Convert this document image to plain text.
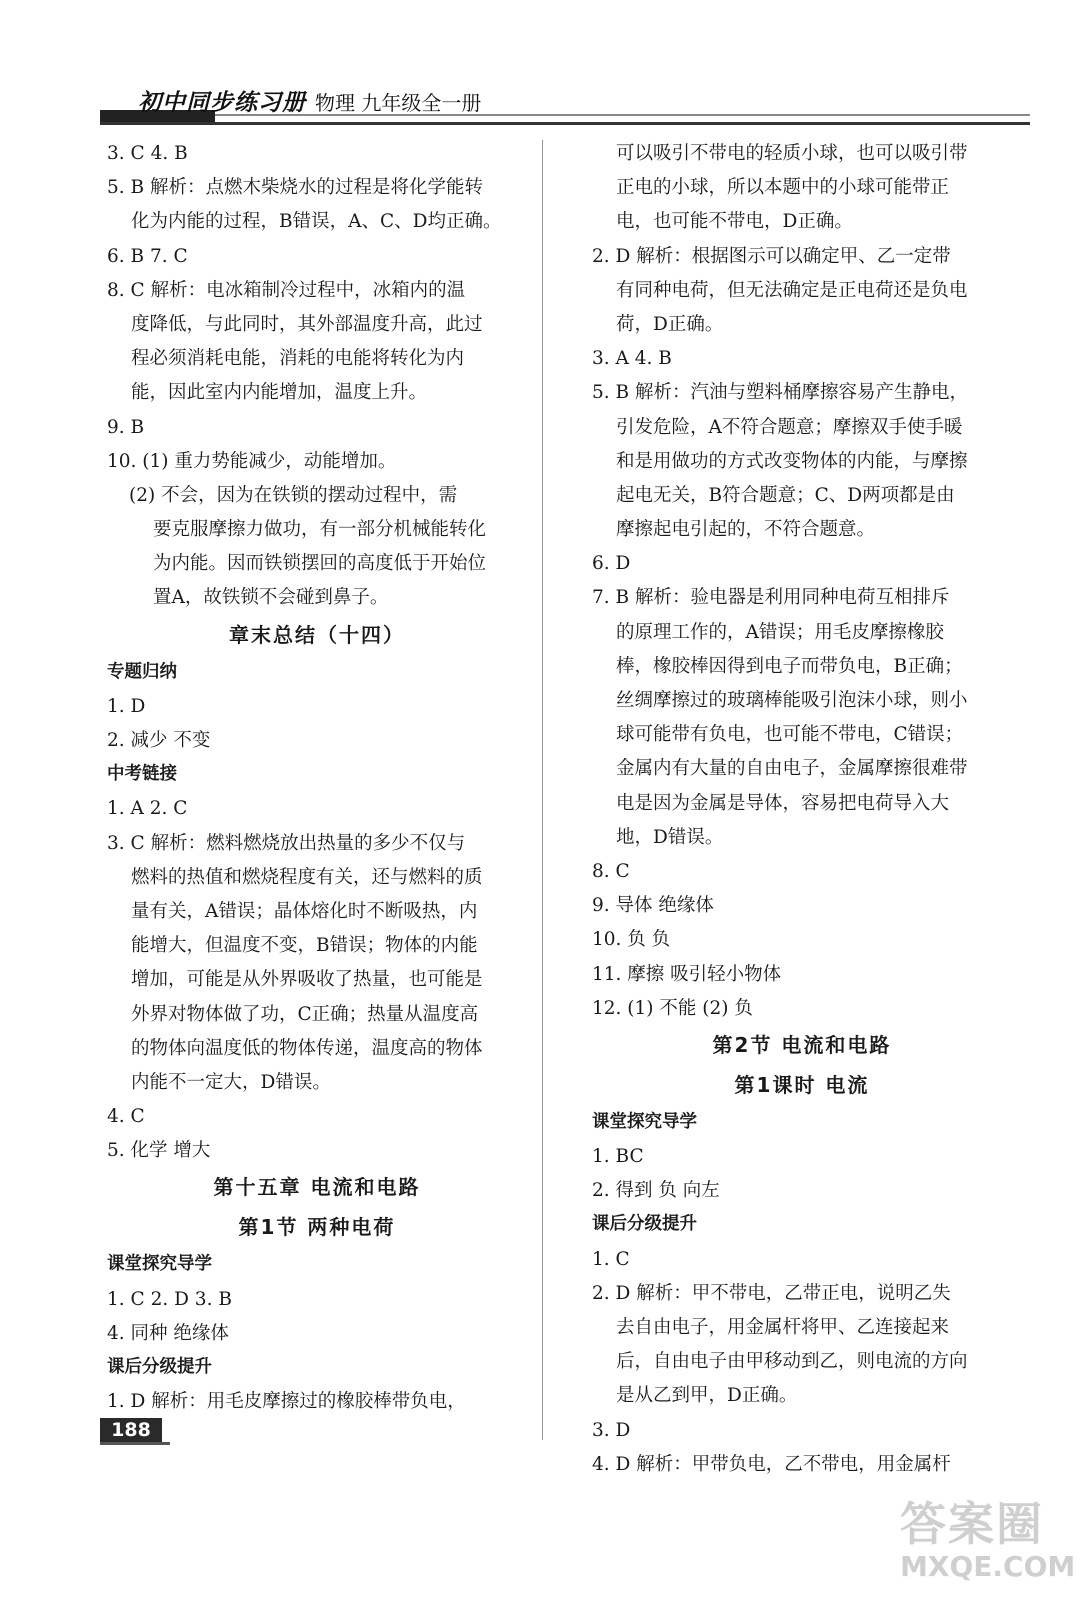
初中同步练习册 物理 九年级全一册
3. C 4. B
5. B 解析：点燃木柴烧水的过程是将化学能转
化为内能的过程，B错误，A、C、D均正确。
6. B 7. C
8. C 解析：电冰箱制冷过程中，冰箱内的温
度降低，与此同时，其外部温度升高，此过
程必须消耗电能，消耗的电能将转化为内
能，因此室内内能增加，温度上升。
9. B
10. (1) 重力势能减少，动能增加。
(2) 不会，因为在铁锁的摆动过程中，需
要克服摩擦力做功，有一部分机械能转化
为内能。因而铁锁摆回的高度低于开始位
置A，故铁锁不会碰到鼻子。
章末总结（十四）
专题归纳
1. D
2. 减少 不变
中考链接
1. A 2. C
3. C 解析：燃料燃烧放出热量的多少不仅与
燃料的热值和燃烧程度有关，还与燃料的质
量有关，A错误；晶体熔化时不断吸热，内
能增大，但温度不变，B错误；物体的内能
增加，可能是从外界吸收了热量，也可能是
外界对物体做了功，C正确；热量从温度高
的物体向温度低的物体传递，温度高的物体
内能不一定大，D错误。
4. C
5. 化学 增大
第十五章 电流和电路
第1节 两种电荷
课堂探究导学
1. C 2. D 3. B
4. 同种 绝缘体
课后分级提升
1. D 解析：用毛皮摩擦过的橡胶棒带负电，
可以吸引不带电的轻质小球，也可以吸引带
正电的小球，所以本题中的小球可能带正
电，也可能不带电，D正确。
2. D 解析：根据图示可以确定甲、乙一定带
有同种电荷，但无法确定是正电荷还是负电
荷，D正确。
3. A 4. B
5. B 解析：汽油与塑料桶摩擦容易产生静电，
引发危险，A不符合题意；摩擦双手使手暖
和是用做功的方式改变物体的内能，与摩擦
起电无关，B符合题意；C、D两项都是由
摩擦起电引起的，不符合题意。
6. D
7. B 解析：验电器是利用同种电荷互相排斥
的原理工作的，A错误；用毛皮摩擦橡胶
棒，橡胶棒因得到电子而带负电，B正确；
丝绸摩擦过的玻璃棒能吸引泡沫小球，则小
球可能带有负电，也可能不带电，C错误；
金属内有大量的自由电子，金属摩擦很难带
电是因为金属是导体，容易把电荷导入大
地，D错误。
8. C
9. 导体 绝缘体
10. 负 负
11. 摩擦 吸引轻小物体
12. (1) 不能 (2) 负
第2节 电流和电路
第1课时 电流
课堂探究导学
1. BC
2. 得到 负 向左
课后分级提升
1. C
2. D 解析：甲不带电，乙带正电，说明乙失
去自由电子，用金属杆将甲、乙连接起来
后，自由电子由甲移动到乙，则电流的方向
是从乙到甲，D正确。
3. D
4. D 解析：甲带负电，乙不带电，用金属杆
188
答案圈
MXQE.COM
